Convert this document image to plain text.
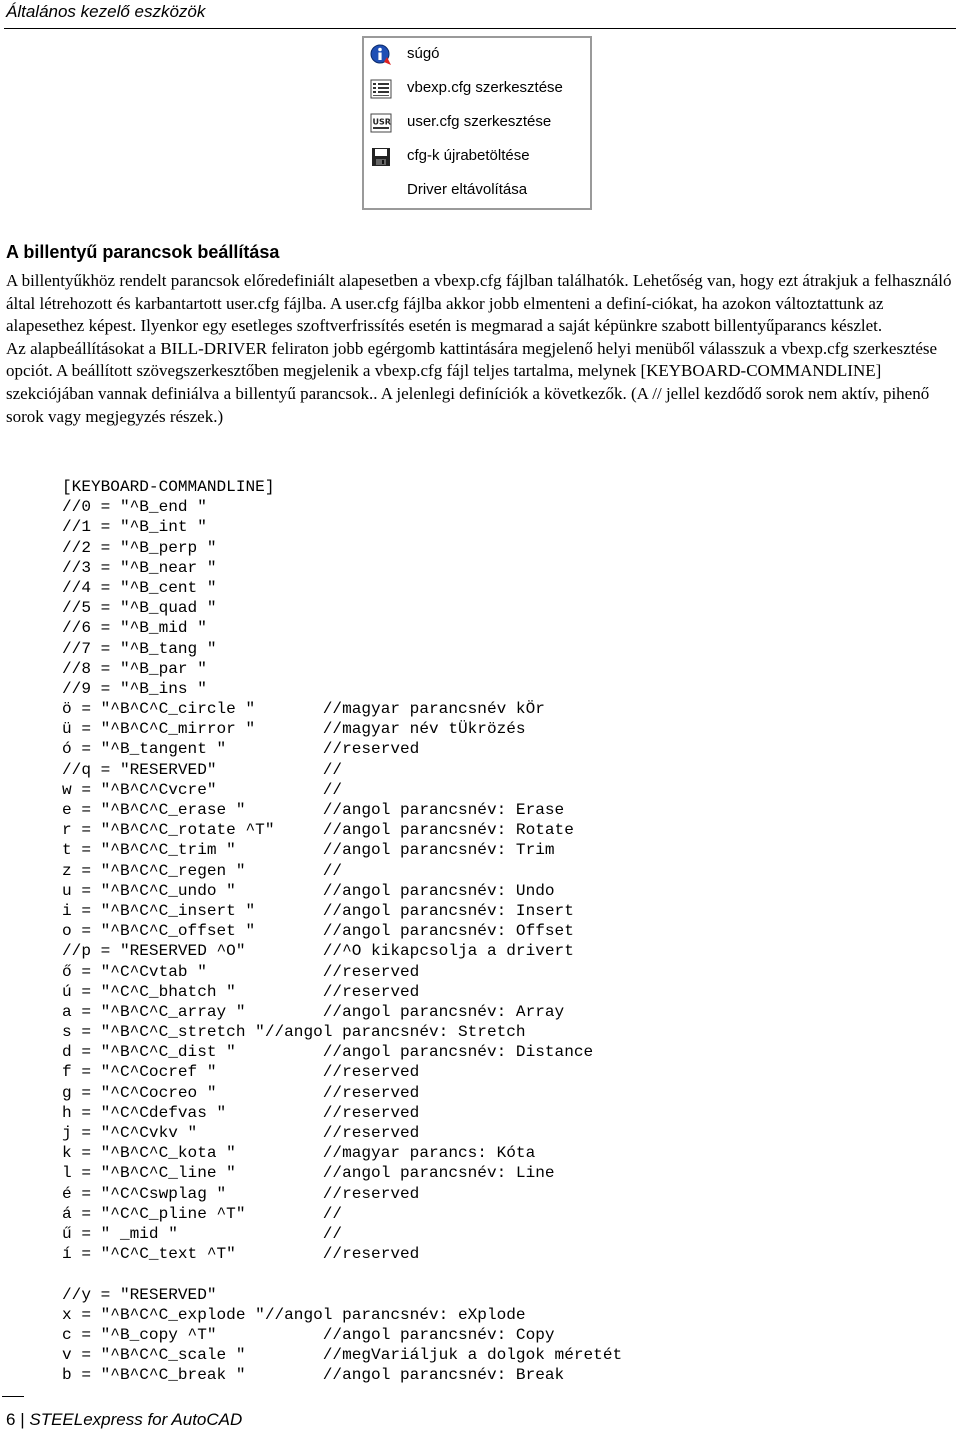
Általános kezelő eszközök
súgó
vbexp.cfg szerkesztése
USR user.cfg szerkesztése
cfg-k újrabetöltése
Driver eltávolítása
A billentyű parancsok beállítása

A billentyűkhöz rendelt parancsok előredefiniált alapesetben a vbexp.cfg fájlban találhatók. Lehetőség van, hogy ezt átrakjuk a felhasználó által létrehozott és karbantartott user.cfg fájlba. A user.cfg fájlba akkor jobb elmenteni a definí-ciókat, ha azokon változtattunk az alapesethez képest. Ilyenkor egy esetleges szoftverfrissítés esetén is megmarad a saját képünkre szabott billentyűparancs készlet.

Az alapbeállításokat a BILL-DRIVER feliraton jobb egérgomb kattintására megjelenő helyi menüből válasszuk a vbexp.cfg szerkesztése opciót. A beállított szövegszerkesztőben megjelenik a vbexp.cfg fájl teljes tartalma, melynek [KEYBOARD-COMMANDLINE] szekciójában vannak definiálva a billentyű parancsok.. A jelenlegi definíciók a következők. (A // jellel kezdődő sorok nem aktív, pihenő sorok vagy megjegyzés részek.)

[KEYBOARD-COMMANDLINE]
//0 = "^B_end "
//1 = "^B_int "
//2 = "^B_perp "
//3 = "^B_near "
//4 = "^B_cent "
//5 = "^B_quad "
//6 = "^B_mid "
//7 = "^B_tang "
//8 = "^B_par "
//9 = "^B_ins "
ö = "^B^C^C_circle "       //magyar parancsnév kÖr
ü = "^B^C^C_mirror "       //magyar név tÜkrözés
ó = "^B_tangent "          //reserved
//q = "RESERVED"           //
w = "^B^C^Cvcre"           //
e = "^B^C^C_erase "        //angol parancsnév: Erase
r = "^B^C^C_rotate ^T"     //angol parancsnév: Rotate
t = "^B^C^C_trim "         //angol parancsnév: Trim
z = "^B^C^C_regen "        //
u = "^B^C^C_undo "         //angol parancsnév: Undo
i = "^B^C^C_insert "       //angol parancsnév: Insert
o = "^B^C^C_offset "       //angol parancsnév: Offset
//p = "RESERVED ^O"        //^O kikapcsolja a drivert
ő = "^C^Cvtab "            //reserved
ú = "^C^C_bhatch "         //reserved
a = "^B^C^C_array "        //angol parancsnév: Array
s = "^B^C^C_stretch "//angol parancsnév: Stretch
d = "^B^C^C_dist "         //angol parancsnév: Distance
f = "^C^Cocref "           //reserved
g = "^C^Cocreo "           //reserved
h = "^C^Cdefvas "          //reserved
j = "^C^Cvkv "             //reserved
k = "^B^C^C_kota "         //magyar parancs: Kóta
l = "^B^C^C_line "         //angol parancsnév: Line
é = "^C^Cswplag "          //reserved
á = "^C^C_pline ^T"        //
ű = " _mid "               //
í = "^C^C_text ^T"         //reserved
//y = "RESERVED"
x = "^B^C^C_explode "//angol parancsnév: eXplode
c = "^B_copy ^T"           //angol parancsnév: Copy
v = "^B^C^C_scale "        //megVariáljuk a dolgok méretét
b = "^B^C^C_break "        //angol parancsnév: Break
6 | STEELexpress for AutoCAD
